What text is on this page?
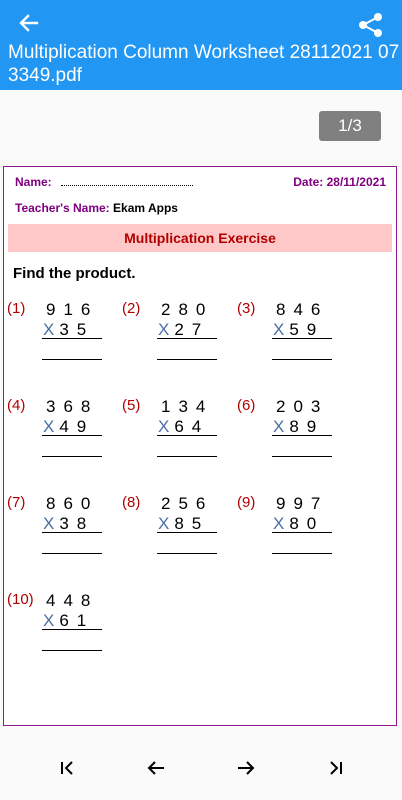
Multiplication Column Worksheet 28112021 073349.pdf
1/3
Name:	Date: 28/11/2021
Teacher's Name: Ekam Apps
Multiplication Exercise
Find the product.
(1) 916
X35
(2) 280
X27
(3) 846
X59
(4) 368
X49
(5) 134
X64
(6) 203
X89
(7) 860
X38
(8) 256
X85
(9) 997
X80
(10) 448
X61
